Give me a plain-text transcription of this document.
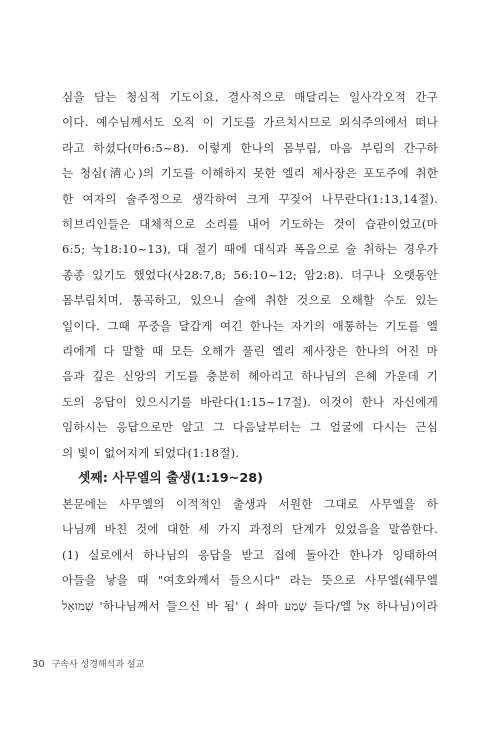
심을 담는 청심적 기도이요, 결사적으로 매달리는 일사각오적 간구
이다. 예수님께서도 오직 이 기도를 가르치시므로 외식주의에서 떠나
라고 하셨다(마6:5~8). 이렇게 한나의 몸부림, 마음 부림의 간구하
는 청심(淸心)의 기도를 이해하지 못한 엘리 제사장은 포도주에 취한
한 여자의 술주정으로 생각하여 크게 꾸짖어 나무란다(1:13,14절).
히브리인들은 대체적으로 소리를 내어 기도하는 것이 습관이었고(마
6:5; 눅18:10~13), 대 절기 때에 대식과 폭음으로 술 취하는 경우가
종종 있기도 했었다(사28:7,8; 56:10~12; 암2:8). 더구나 오랫동안
몸부림치며, 통곡하고, 있으니 술에 취한 것으로 오해할 수도 있는
일이다. 그때 푸중을 달갑게 여긴 한나는 자기의 애통하는 기도를 엘
리에게 다 말할 때 모든 오해가 풀린 엘리 제사장은 한나의 어진 마
음과 깊은 신앙의 기도를 충분히 헤아리고 하나님의 은혜 가운데 기
도의 응답이 있으시기를 바란다(1:15~17절). 이것이 한나 자신에게
임하시는 응답으로만 알고 그 다음날부터는 그 얼굴에 다시는 근심
의 빛이 없어지게 되었다(1:18절).
셋째: 사무엘의 출생(1:19~28)
본문에는 사무엘의 이적적인 출생과 서원한 그대로 사무엘을 하
나님께 바친 것에 대한 세 가지 과정의 단계가 있었음을 말씀한다.
(1) 실로에서 하나님의 응답을 받고 집에 돌아간 한나가 잉태하여
아들을 낳을 때 "여호와께서 들으시다" 라는 뜻으로 사무엘(쉐무엘
שְׁמוּאֵל '하나님께서 들으신 바 됨' ( 솨마 שָׁמַע 듣다/엘 אֵל 하나님)이라
30 구속사 성경해석과 설교
